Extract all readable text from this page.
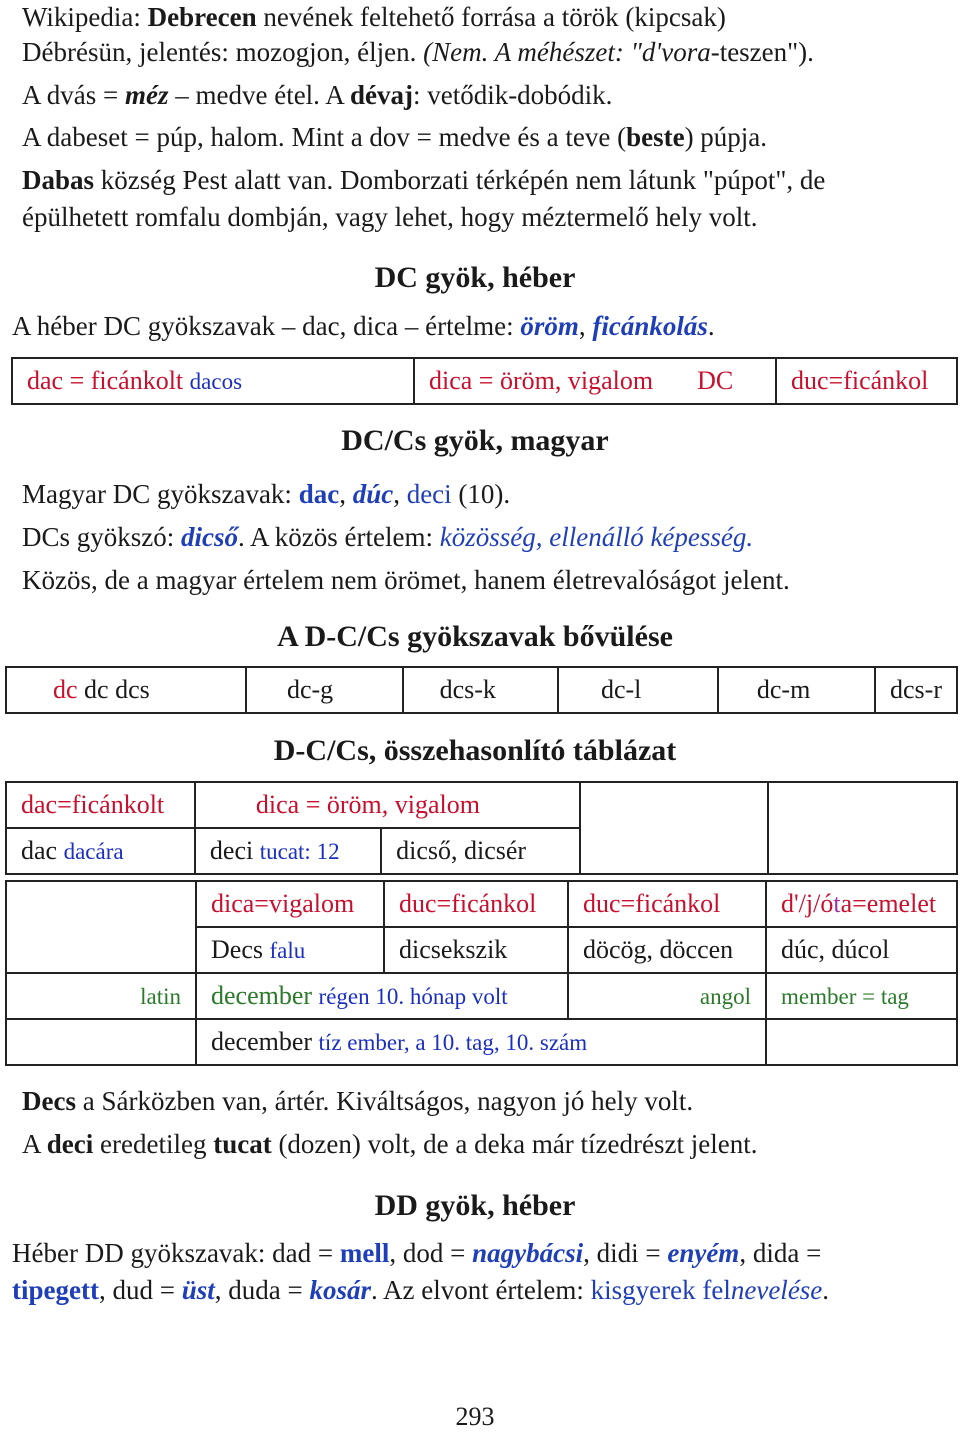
Wikipedia: Debrecen nevének feltehető forrása a török (kipcsak)
Débrésün, jelentés: mozogjon, éljen. (Nem. A méhészet: "d'vora-teszen").
A dvás = méz – medve étel. A dévaj: vetődik-dobódik.
A dabeset = púp, halom. Mint a dov = medve és a teve (beste) púpja.
Dabas község Pest alatt van. Domborzati térképén nem látunk "púpot", de
épülhetett romfalu dombján, vagy lehet, hogy méztermelő hely volt.
DC gyök, héber
A héber DC gyökszavak – dac, dica – értelme: öröm, ficánkolás.
dac = ficánkolt dacos	dica = öröm, vigalom DC	duc=ficánkol
DC/Cs gyök, magyar
Magyar DC gyökszavak: dac, dúc, deci (10).
DCs gyökszó: dicső. A közös értelem: közösség, ellenálló képesség.
Közös, de a magyar értelem nem örömet, hanem életrevalóságot jelent.
A D-C/Cs gyökszavak bővülése
dc dc dcs	dc-g	dcs-k	dc-l	dc-m	dcs-r
D-C/Cs, összehasonlító táblázat
dac=ficánkolt	dica = öröm, vigalom			
dac dacára	deci tucat: 12	dicső, dicsér		
	dica=vigalom	duc=ficánkol	duc=ficánkol	d'/j/óta=emelet
	Decs falu	dicsekszik	döcög, döccen	dúc, dúcol
latin	december régen 10. hónap volt		angol	member = tag
	december tíz ember, a 10. tag, 10. szám			
Decs a Sárközben van, ártér. Kiváltságos, nagyon jó hely volt.
A deci eredetileg tucat (dozen) volt, de a deka már tízedrészt jelent.
DD gyök, héber
Héber DD gyökszavak: dad = mell, dod = nagybácsi, didi = enyém, dida =
tipegett, dud = üst, duda = kosár. Az elvont értelem: kisgyerek felnevelése.
293
